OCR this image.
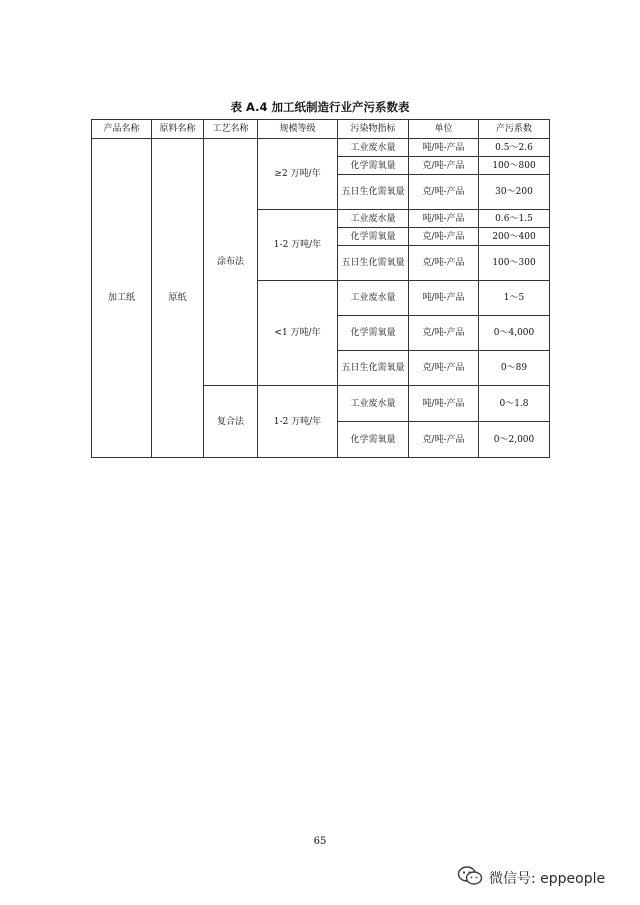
表 A.4 加工纸制造行业产污系数表
产品名称	原料名称	工艺名称	规模等级	污染物指标	单位	产污系数
加工纸	原纸	涂布法	≥2 万吨/年	工业废水量	吨/吨-产品	0.5～2.6
				化学需氧量	克/吨-产品	100～800
				五日生化需氧量	克/吨-产品	30～200
			1-2 万吨/年	工业废水量	吨/吨-产品	0.6～1.5
				化学需氧量	克/吨-产品	200～400
				五日生化需氧量	克/吨-产品	100～300
			<1 万吨/年	工业废水量	吨/吨-产品	1～5
				化学需氧量	克/吨-产品	0～4,000
				五日生化需氧量	克/吨-产品	0～89
		复合法	1-2 万吨/年	工业废水量	吨/吨-产品	0～1.8
				化学需氧量	克/吨-产品	0～2,000
65
微信号: eppeople
